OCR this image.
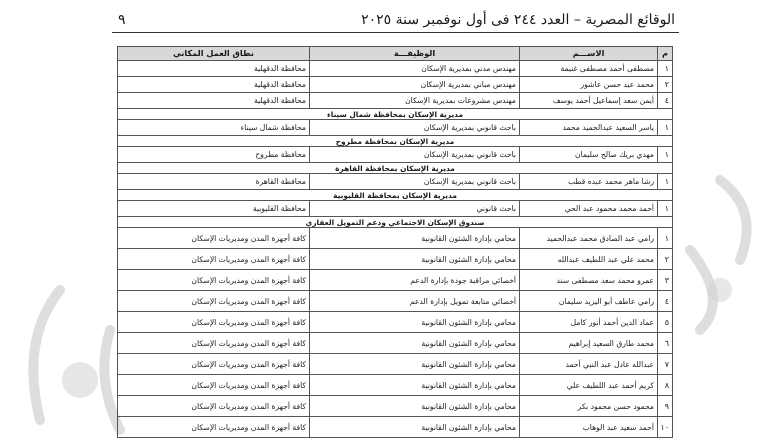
الوقائع المصرية – العدد ٢٤٤ فى أول نوفمبر سنة ٢٠٢٥
٩
م	الاســـم	الوظيفـــة	نطاق العمل المكاني
١	مصطفى أحمد مصطفى غنيمة	مهندس مدني بمديرية الإسكان	محافظة الدقهلية
٢	محمد عيد حسن عاشور	مهندس مباني بمديرية الإسكان	محافظة الدقهلية
٤	أيمن سعد إسماعيل أحمد يوسف	مهندس مشروعات بمديرية الإسكان	محافظة الدقهلية
مديرية الإسكان بمحافظة شمال سيناء			
١	ياسر السعيد عبدالحميد محمد	باحث قانوني بمديرية الإسكان	محافظة شمال سيناء
مديرية الإسكان بمحافظة مطروح			
١	مهدي بريك صالح سليمان	باحث قانوني بمديرية الإسكان	محافظة مطروح
مديرية الإسكان بمحافظة القاهرة			
١	رشا ماهر محمد عبده قطب	باحث قانوني بمديرية الإسكان	محافظة القاهرة
مديرية الإسكان بمحافظة القليوبية			
١	أحمد محمد محمود عبد الحي	باحث قانوني	محافظة القليوبية
صندوق الإسكان الاجتماعي ودعم التمويل العقاري			
١	رامي عبد الصادق محمد عبدالحميد	محامي بإدارة الشئون القانونية	كافة أجهزة المدن ومديريات الإسكان
٢	محمد علي عبد اللطيف عبدالله	محامي بإدارة الشئون القانونية	كافة أجهزة المدن ومديريات الإسكان
٣	عمرو محمد سعد مصطفى سند	أخصائي مراقبة جودة بإدارة الدعم	كافة أجهزة المدن ومديريات الإسكان
٤	رامي عاطف أبو اليزيد سليمان	أخصائي متابعة تمويل بإدارة الدعم	كافة أجهزة المدن ومديريات الإسكان
٥	عماد الدين أحمد أنور كامل	محامي بإدارة الشئون القانونية	كافة أجهزة المدن ومديريات الإسكان
٦	محمد طارق السعيد إبراهيم	محامي بإدارة الشئون القانونية	كافة أجهزة المدن ومديريات الإسكان
٧	عبدالله عادل عبد النبي أحمد	محامي بإدارة الشئون القانونية	كافة أجهزة المدن ومديريات الإسكان
٨	كريم أحمد عبد اللطيف علي	محامي بإدارة الشئون القانونية	كافة أجهزة المدن ومديريات الإسكان
٩	محمود حسن محمود بكر	محامي بإدارة الشئون القانونية	كافة أجهزة المدن ومديريات الإسكان
١٠	أحمد سعيد عبد الوهاب	محامي بإدارة الشئون القانونية	كافة أجهزة المدن ومديريات الإسكان
